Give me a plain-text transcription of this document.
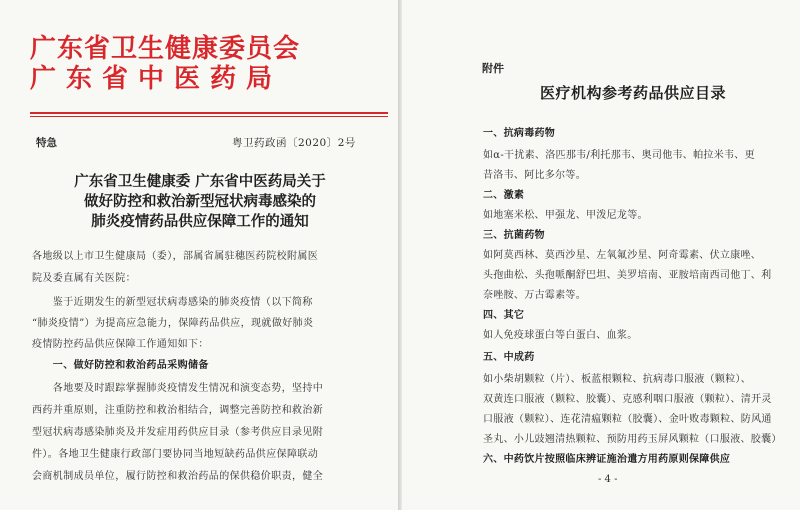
广东省卫生健康委员会
广东省中医药局
特急	粤卫药政函〔2020〕2号
广东省卫生健康委 广东省中医药局关于
做好防控和救治新型冠状病毒感染的
肺炎疫情药品供应保障工作的通知
各地级以上市卫生健康局（委），部属省属驻穗医药院校附属医
院及委直属有关医院：
　　鉴于近期发生的新型冠状病毒感染的肺炎疫情（以下简称
“肺炎疫情”）为提高应急能力，保障药品供应，现就做好肺炎
疫情防控药品供应保障工作通知如下：
　　一、做好防控和救治药品采购储备
　　各地要及时跟踪掌握肺炎疫情发生情况和演变态势，坚持中
西药并重原则，注重防控和救治相结合，调整完善防控和救治新
型冠状病毒感染肺炎及并发症用药供应目录（参考供应目录见附
件）。各地卫生健康行政部门要协同当地短缺药品供应保障联动
会商机制成员单位，履行防控和救治药品的保供稳价职责，健全
附件
医疗机构参考药品供应目录
一、抗病毒药物
如α-干扰素、洛匹那韦/利托那韦、奥司他韦、帕拉米韦、更
昔洛韦、阿比多尔等。
二、激素
如地塞米松、甲强龙、甲泼尼龙等。
三、抗菌药物
如阿莫西林、莫西沙星、左氧氟沙星、阿奇霉素、伏立康唑、
头孢曲松、头孢哌酮舒巴坦、美罗培南、亚胺培南西司他丁、利
奈唑胺、万古霉素等。
四、其它
如人免疫球蛋白等白蛋白、血浆。
五、中成药
如小柴胡颗粒（片）、板蓝根颗粒、抗病毒口服液（颗粒）、
双黄连口服液（颗粒、胶囊）、克感利咽口服液（颗粒）、清开灵
口服液（颗粒）、连花清瘟颗粒（胶囊）、金叶败毒颗粒、防风通
圣丸、小儿豉翘清热颗粒、预防用药玉屏风颗粒（口服液、胶囊）
六、中药饮片按照临床辨证施治遣方用药原则保障供应
- 4 -
